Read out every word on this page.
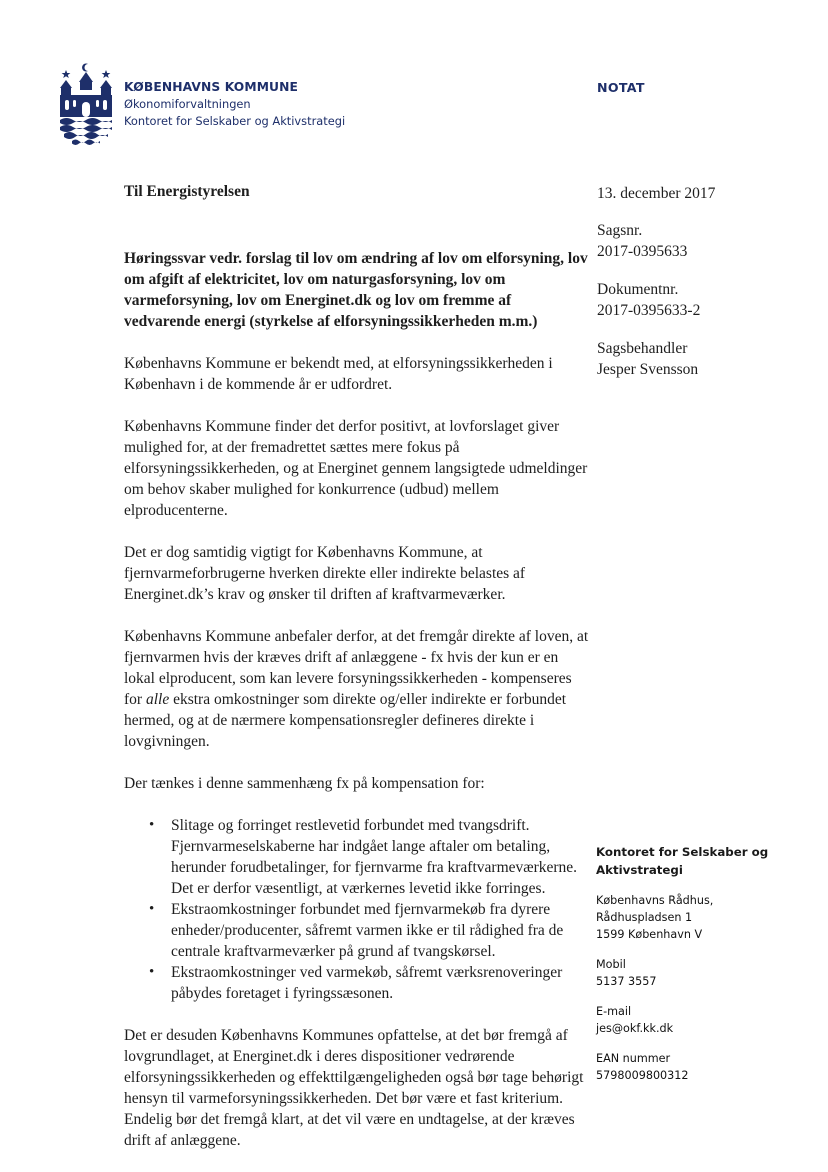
KØBENHAVNS KOMMUNE
Økonomiforvaltningen
Kontoret for Selskaber og Aktivstrategi
NOTAT
Til Energistyrelsen	13. december 2017
Sagsnr.
2017-0395633
Dokumentnr.
2017-0395633-2
Sagsbehandler
Jesper Svensson
Høringssvar vedr. forslag til lov om ændring af lov om elforsyning, lov om afgift af elektricitet, lov om naturgasforsyning, lov om varmeforsyning, lov om Energinet.dk og lov om fremme af vedvarende energi (styrkelse af elforsyningssikkerheden m.m.)

Københavns Kommune er bekendt med, at elforsyningssikkerheden i København i de kommende år er udfordret.

Københavns Kommune finder det derfor positivt, at lovforslaget giver mulighed for, at der fremadrettet sættes mere fokus på elforsyningssikkerheden, og at Energinet gennem langsigtede udmeldinger om behov skaber mulighed for konkurrence (udbud) mellem elproducenterne.

Det er dog samtidig vigtigt for Københavns Kommune, at fjernvarmeforbrugerne hverken direkte eller indirekte belastes af Energinet.dk’s krav og ønsker til driften af kraftvarmeværker.

Københavns Kommune anbefaler derfor, at det fremgår direkte af loven, at fjernvarmen hvis der kræves drift af anlæggene - fx hvis der kun er en lokal elproducent, som kan levere forsyningssikkerheden - kompenseres for alle ekstra omkostninger som direkte og/eller indirekte er forbundet hermed, og at de nærmere kompensationsregler defineres direkte i lovgivningen.

Der tænkes i denne sammenhæng fx på kompensation for:

• Slitage og forringet restlevetid forbundet med tvangsdrift. Fjernvarmeselskaberne har indgået lange aftaler om betaling, herunder forudbetalinger, for fjernvarme fra kraftvarmeværkerne. Det er derfor væsentligt, at værkernes levetid ikke forringes.
• Ekstraomkostninger forbundet med fjernvarmekøb fra dyrere enheder/producenter, såfremt varmen ikke er til rådighed fra de centrale kraftvarmeværker på grund af tvangskørsel.
• Ekstraomkostninger ved varmekøb, såfremt værksrenoveringer påbydes foretaget i fyringssæsonen.

Det er desuden Københavns Kommunes opfattelse, at det bør fremgå af lovgrundlaget, at Energinet.dk i deres dispositioner vedrørende elforsyningssikkerheden og effekttilgængeligheden også bør tage behørigt hensyn til varmeforsyningssikkerheden. Det bør være et fast kriterium. Endelig bør det fremgå klart, at det vil være en undtagelse, at der kræves drift af anlæggene.

Kontoret for Selskaber og Aktivstrategi
Københavns Rådhus,
Rådhuspladsen 1
1599 København V
Mobil
5137 3557
E-mail
jes@okf.kk.dk
EAN nummer
5798009800312
